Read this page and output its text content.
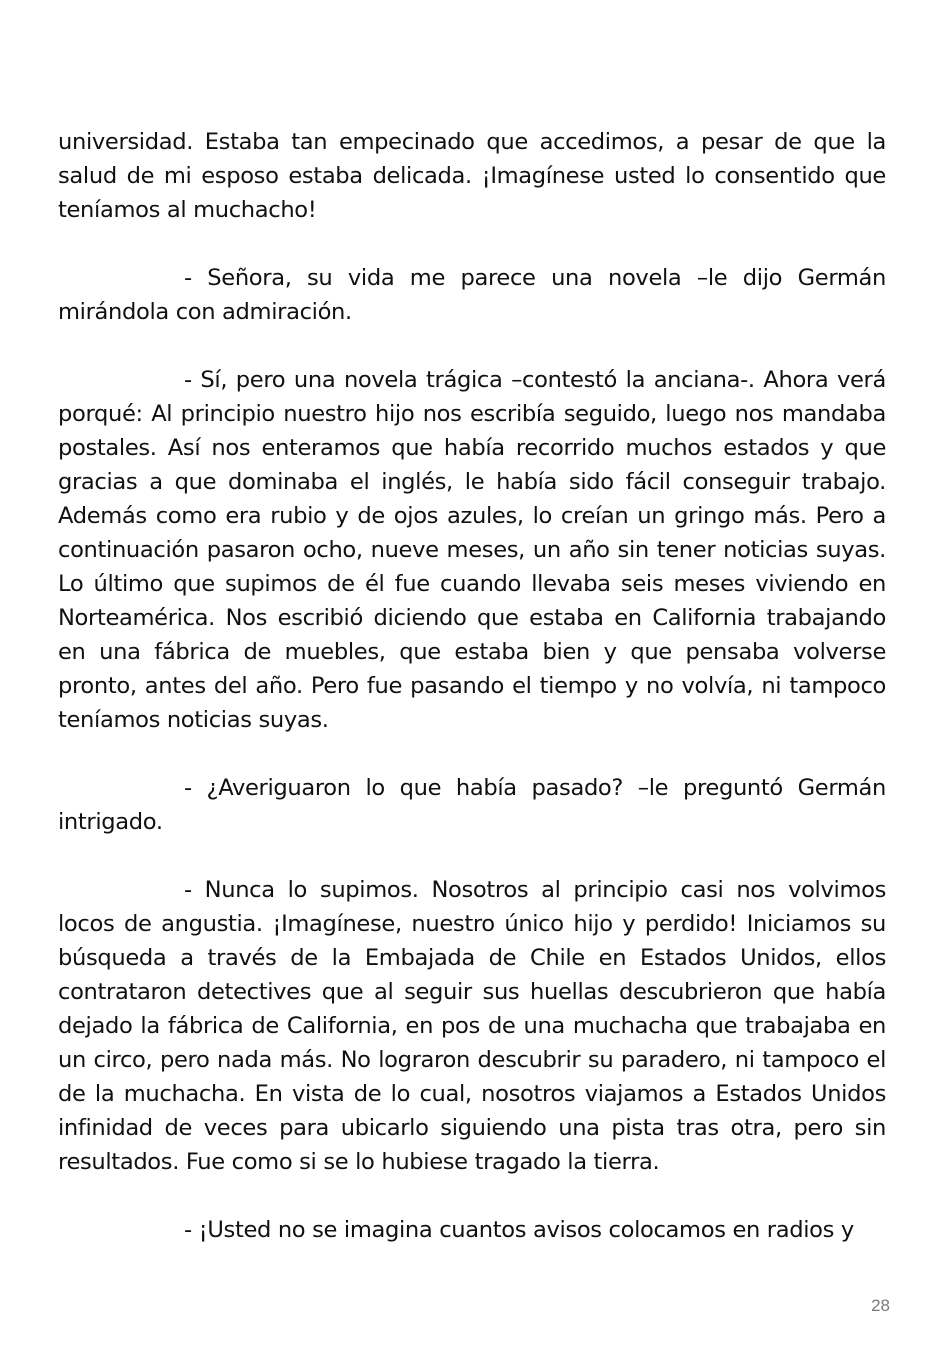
universidad. Estaba tan empecinado que accedimos, a pesar de que la salud de mi esposo estaba delicada. ¡Imagínese usted lo consentido que teníamos al muchacho!

- Señora, su vida me parece una novela –le dijo Germán mirándola con admiración.

- Sí, pero una novela trágica –contestó la anciana-. Ahora verá porqué: Al principio nuestro hijo nos escribía seguido, luego nos mandaba postales. Así nos enteramos que había recorrido muchos estados y que gracias a que dominaba el inglés, le había sido fácil conseguir trabajo. Además como era rubio y de ojos azules, lo creían un gringo más. Pero a continuación pasaron ocho, nueve meses, un año sin tener noticias suyas. Lo último que supimos de él fue cuando llevaba seis meses viviendo en Norteamérica. Nos escribió diciendo que estaba en California trabajando en una fábrica de muebles, que estaba bien y que pensaba volverse pronto, antes del año. Pero fue pasando el tiempo y no volvía, ni tampoco teníamos noticias suyas.

- ¿Averiguaron lo que había pasado? –le preguntó Germán intrigado.

- Nunca lo supimos. Nosotros al principio casi nos volvimos locos de angustia. ¡Imagínese, nuestro único hijo y perdido! Iniciamos su búsqueda a través de la Embajada de Chile en Estados Unidos, ellos contrataron detectives que al seguir sus huellas descubrieron que había dejado la fábrica de California, en pos de una muchacha que trabajaba en un circo, pero nada más. No lograron descubrir su paradero, ni tampoco el de la muchacha. En vista de lo cual, nosotros viajamos a Estados Unidos infinidad de veces para ubicarlo siguiendo una pista tras otra, pero sin resultados. Fue como si se lo hubiese tragado la tierra.

- ¡Usted no se imagina cuantos avisos colocamos en radios y

28
